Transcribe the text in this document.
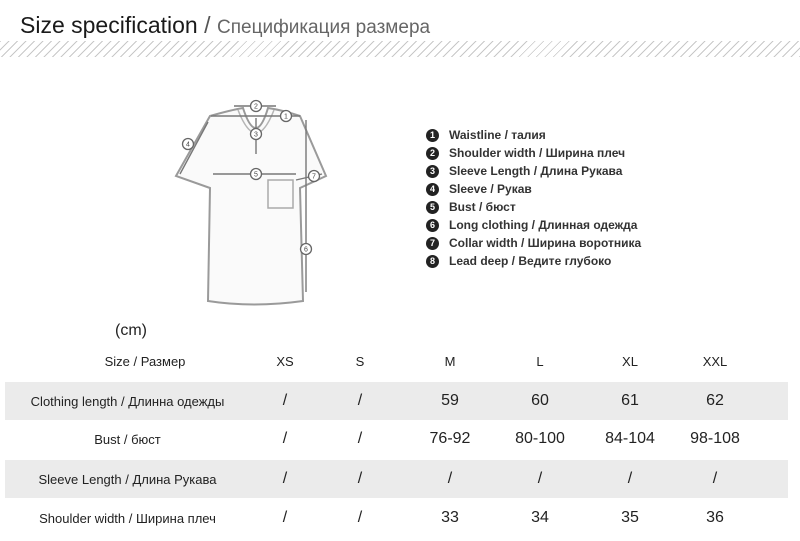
Size specification / Спецификация размера
2
1
3
4
5
6
7
1	Waistline / талия
2	Shoulder width / Ширина плеч
3	Sleeve Length / Длина Рукава
4	Sleeve / Рукав
5	Bust / бюст
6	Long clothing / Длинная одежда
7	Collar width / Ширина воротника
8	Lead deep / Ведите глубоко
(cm)
Size / Размер	XS	S	M	L	XL	XXL
Clothing length / Длинна одежды	/	/	59	60	61	62
Bust / бюст	/	/	76-92	80-100	84-104	98-108
Sleeve Length / Длина Рукава	/	/	/	/	/	/
Shoulder width / Ширина плеч	/	/	33	34	35	36
